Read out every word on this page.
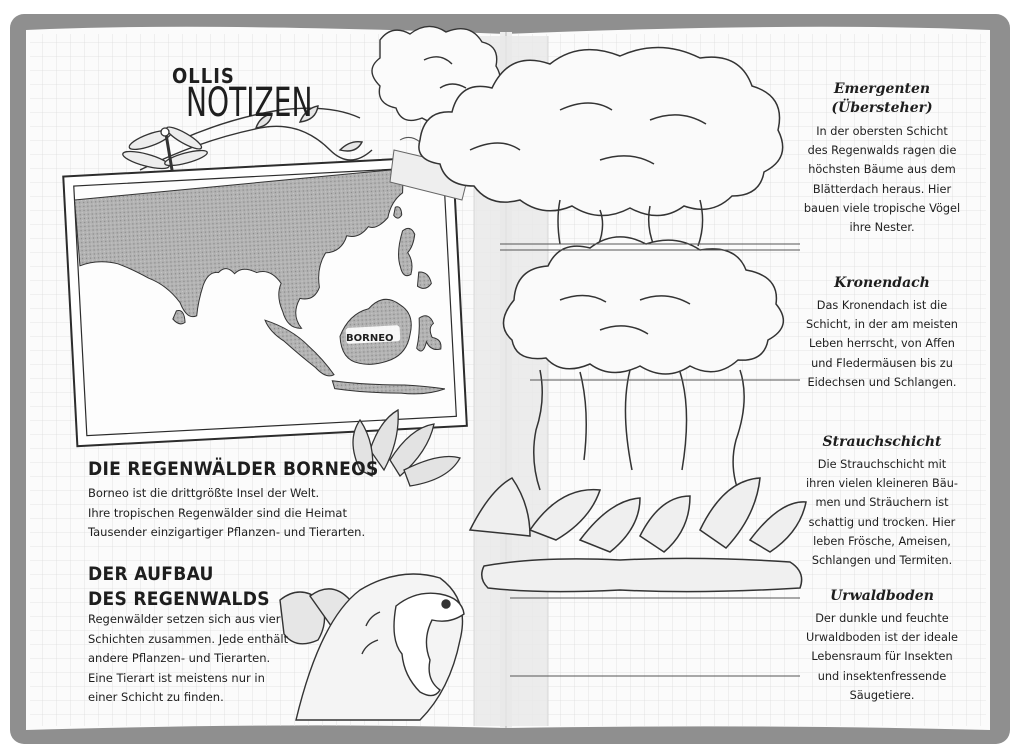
OLLIS
NOTIZEN
BORNEO
DIE REGENWÄLDER BORNEOS
Borneo ist die drittgrößte Insel der Welt.
Ihre tropischen Regenwälder sind die Heimat
Tausender einzigartiger Pflanzen- und Tierarten.
DER AUFBAU
DES REGENWALDS
Regenwälder setzen sich aus vier
Schichten zusammen. Jede enthält
andere Pflanzen- und Tierarten.
Eine Tierart ist meistens nur in
einer Schicht zu finden.
Emergenten
(Übersteher)
In der obersten Schicht
des Regenwalds ragen die
höchsten Bäume aus dem
Blätterdach heraus. Hier
bauen viele tropische Vögel
ihre Nester.
Kronendach
Das Kronendach ist die
Schicht, in der am meisten
Leben herrscht, von Affen
und Fledermäusen bis zu
Eidechsen und Schlangen.
Strauchschicht
Die Strauchschicht mit
ihren vielen kleineren Bäu-
men und Sträuchern ist
schattig und trocken. Hier
leben Frösche, Ameisen,
Schlangen und Termiten.
Urwaldboden
Der dunkle und feuchte
Urwaldboden ist der ideale
Lebensraum für Insekten
und insektenfressende
Säugetiere.
